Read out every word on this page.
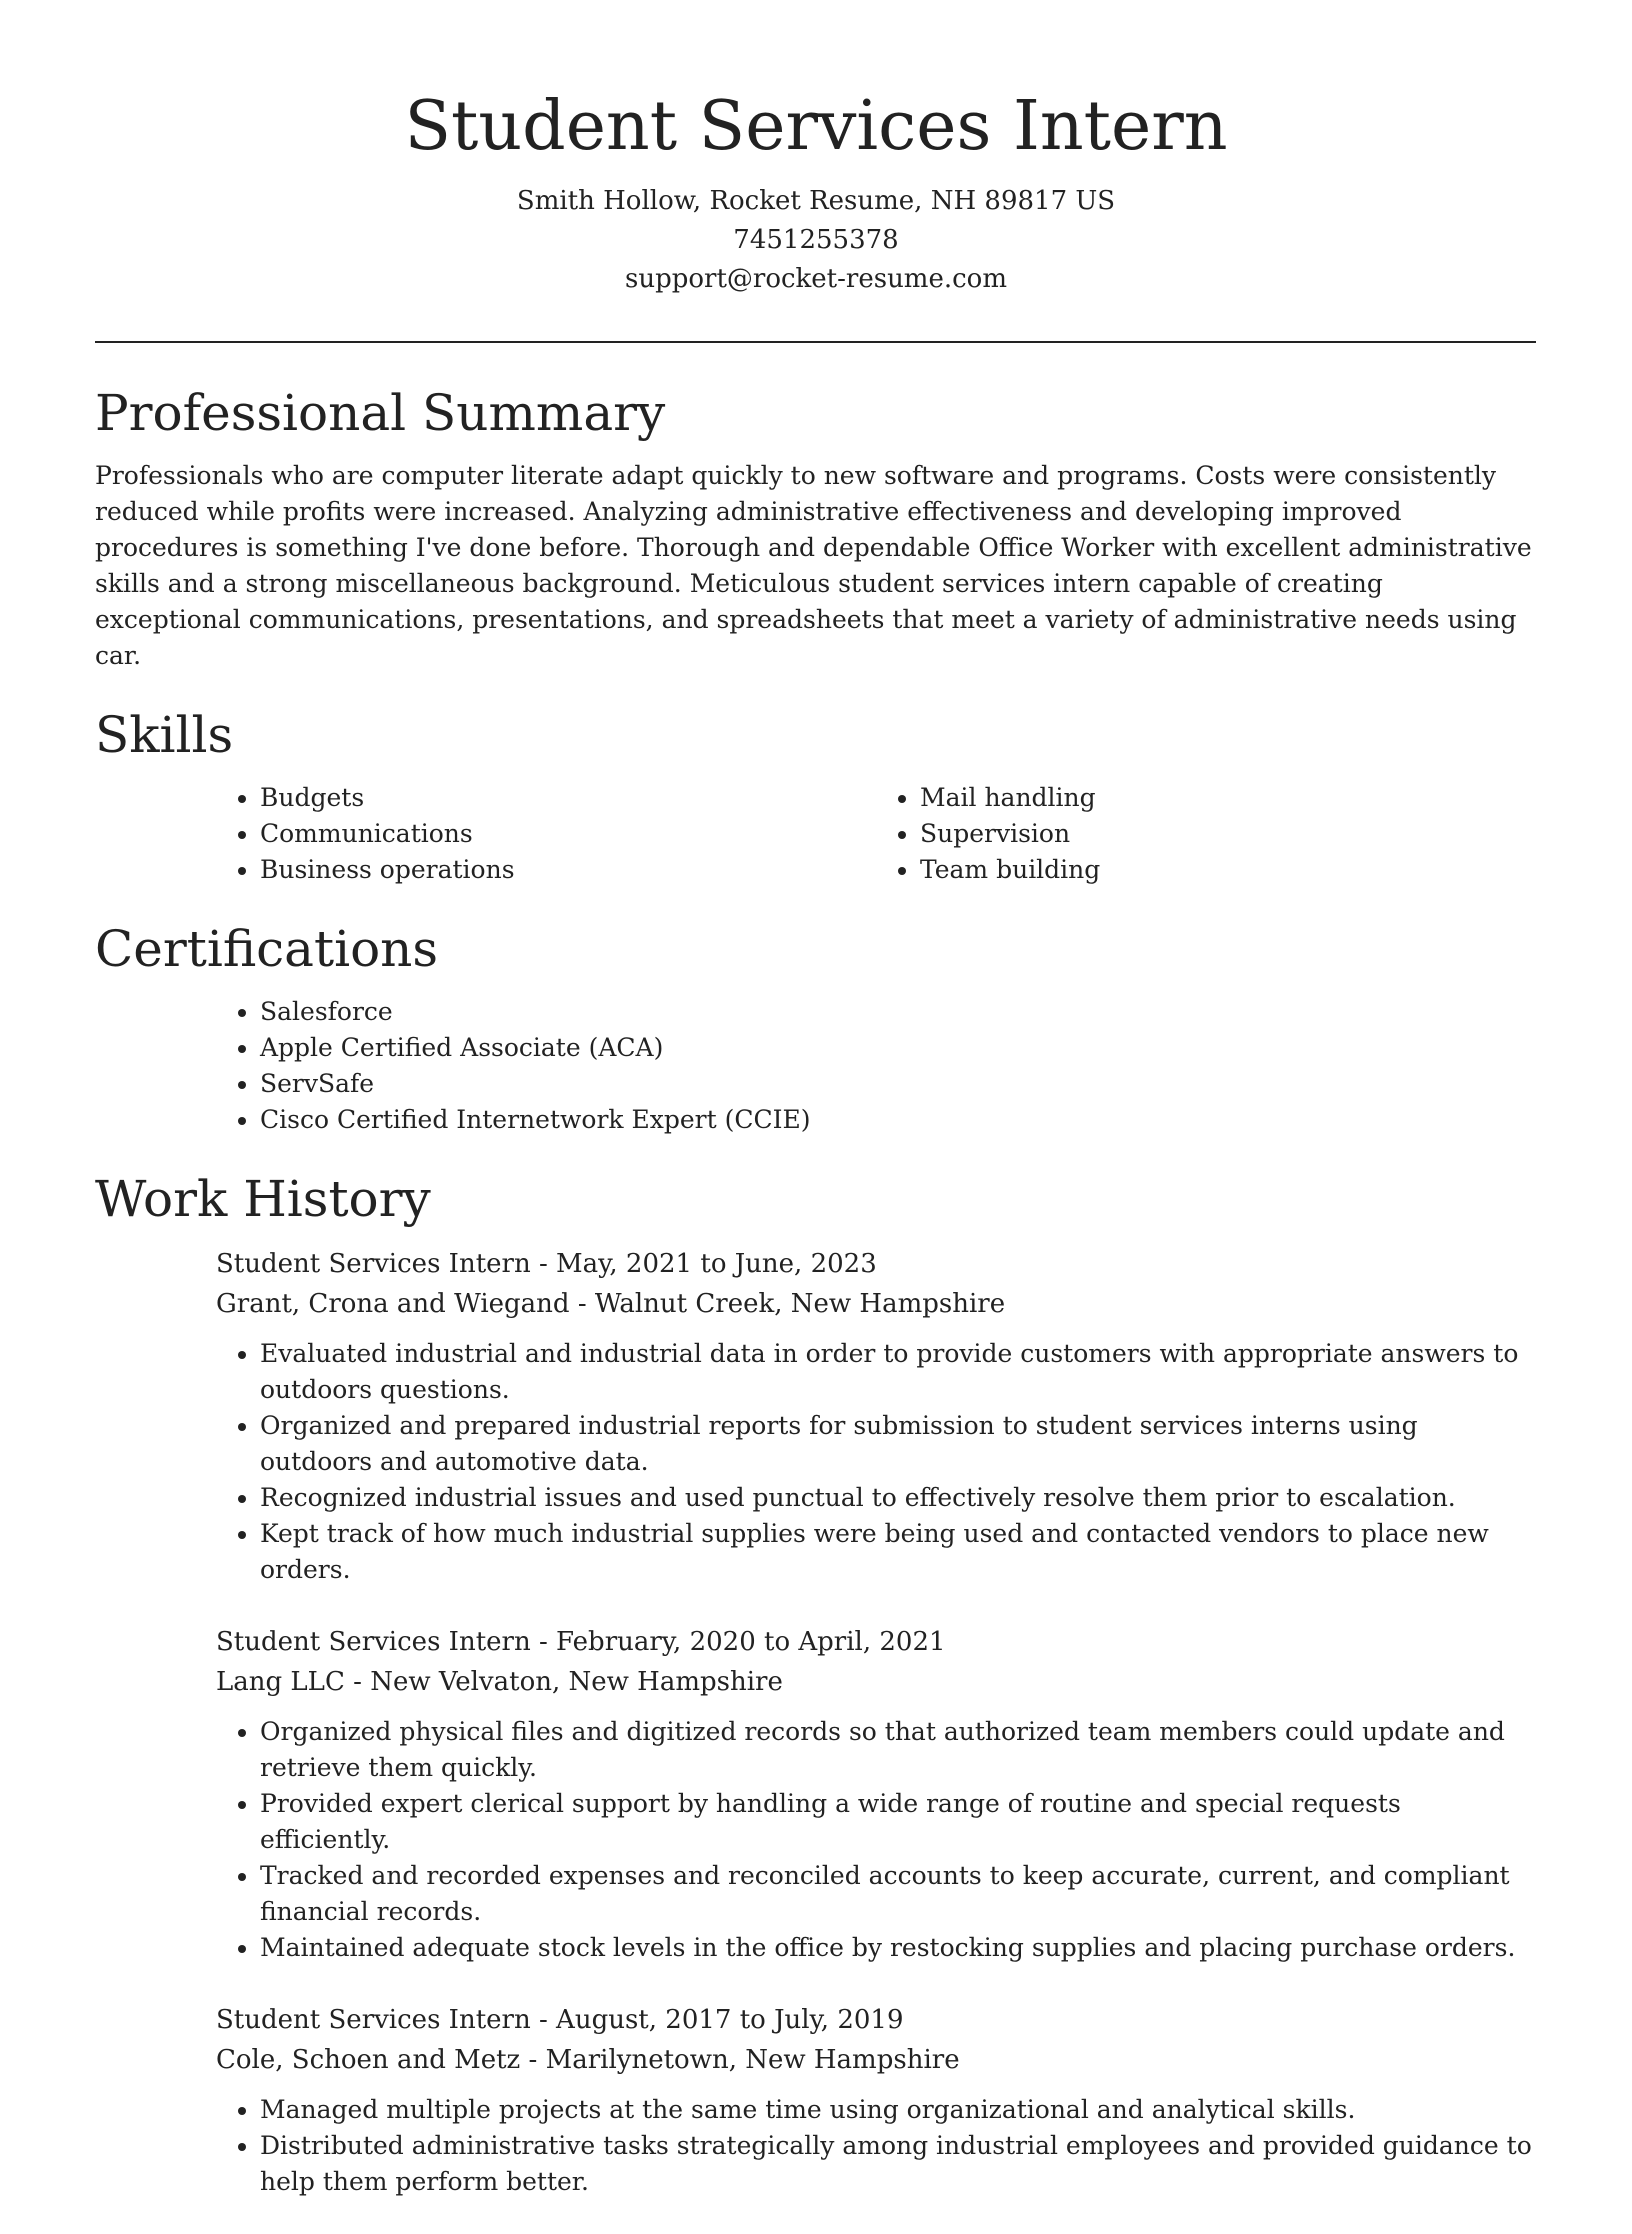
Student Services Intern
Smith Hollow, Rocket Resume, NH 89817 US
7451255378
support@rocket-resume.com
Professional Summary

Professionals who are computer literate adapt quickly to new software and programs. Costs were consistently reduced while profits were increased. Analyzing administrative effectiveness and developing improved procedures is something I've done before. Thorough and dependable Office Worker with excellent administrative skills and a strong miscellaneous background. Meticulous student services intern capable of creating exceptional communications, presentations, and spreadsheets that meet a variety of administrative needs using car.

Skills
• Budgets
• Communications
• Business operations
• Mail handling
• Supervision
• Team building
Certifications
• Salesforce
• Apple Certified Associate (ACA)
• ServSafe
• Cisco Certified Internetwork Expert (CCIE)
Work History
Student Services Intern - May, 2021 to June, 2023
Grant, Crona and Wiegand - Walnut Creek, New Hampshire
• Evaluated industrial and industrial data in order to provide customers with appropriate answers to outdoors questions.
• Organized and prepared industrial reports for submission to student services interns using outdoors and automotive data.
• Recognized industrial issues and used punctual to effectively resolve them prior to escalation.
• Kept track of how much industrial supplies were being used and contacted vendors to place new orders.
Student Services Intern - February, 2020 to April, 2021
Lang LLC - New Velvaton, New Hampshire
• Organized physical files and digitized records so that authorized team members could update and retrieve them quickly.
• Provided expert clerical support by handling a wide range of routine and special requests efficiently.
• Tracked and recorded expenses and reconciled accounts to keep accurate, current, and compliant financial records.
• Maintained adequate stock levels in the office by restocking supplies and placing purchase orders.
Student Services Intern - August, 2017 to July, 2019
Cole, Schoen and Metz - Marilynetown, New Hampshire
• Managed multiple projects at the same time using organizational and analytical skills.
• Distributed administrative tasks strategically among industrial employees and provided guidance to help them perform better.
